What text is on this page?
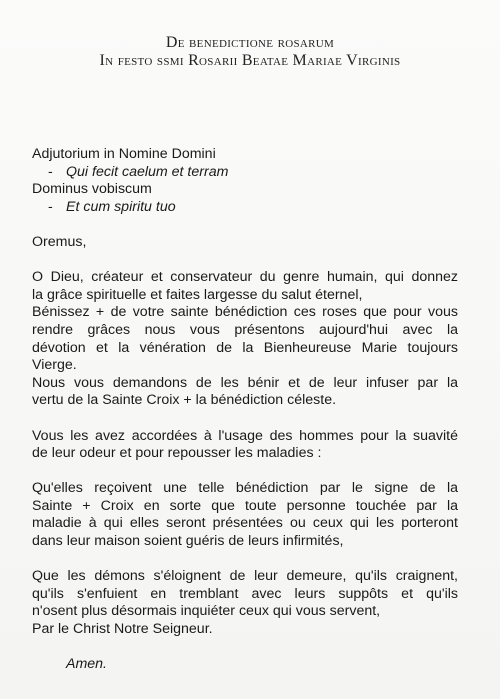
De benedictione rosarum
In festo ssmi Rosarii Beatae Mariae Virginis
Adjutorium in Nomine Domini
- Qui fecit caelum et terram
Dominus vobiscum
- Et cum spiritu tuo
Oremus,
O Dieu, créateur et conservateur du genre humain, qui donnez
la grâce spirituelle et faites largesse du salut éternel,
Bénissez + de votre sainte bénédiction ces roses que pour vous
rendre grâces nous vous présentons aujourd'hui avec la
dévotion et la vénération de la Bienheureuse Marie toujours
Vierge.
Nous vous demandons de les bénir et de leur infuser par la
vertu de la Sainte Croix + la bénédiction céleste.
Vous les avez accordées à l'usage des hommes pour la suavité
de leur odeur et pour repousser les maladies :
Qu'elles reçoivent une telle bénédiction par le signe de la
Sainte + Croix en sorte que toute personne touchée par la
maladie à qui elles seront présentées ou ceux qui les porteront
dans leur maison soient guéris de leurs infirmités,
Que les démons s'éloignent de leur demeure, qu'ils craignent,
qu'ils s'enfuient en tremblant avec leurs suppôts et qu'ils
n'osent plus désormais inquiéter ceux qui vous servent,
Par le Christ Notre Seigneur.
Amen.
